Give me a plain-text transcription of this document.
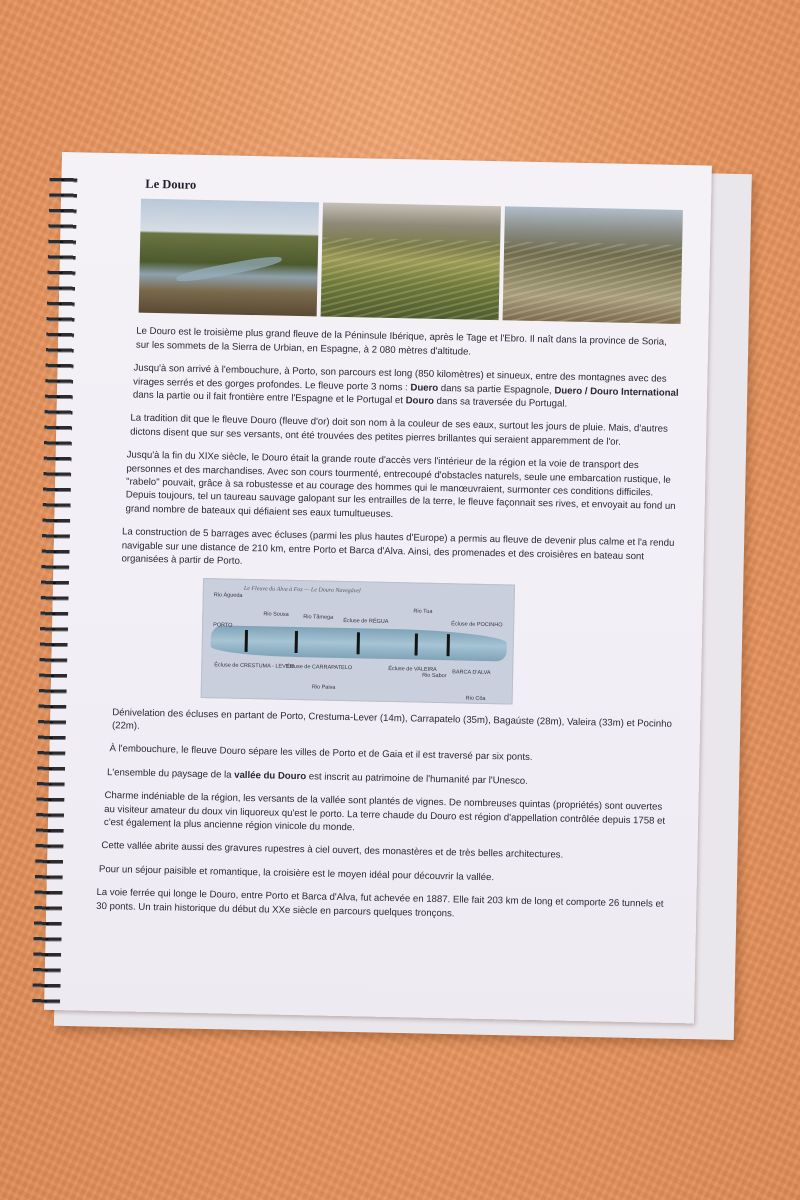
Le Douro

Le Douro est le troisième plus grand fleuve de la Péninsule Ibérique, après le Tage et l'Ebro. Il naît dans la province de Soria, sur les sommets de la Sierra de Urbian, en Espagne, à 2 080 mètres d'altitude.

Jusqu'à son arrivé à l'embouchure, à Porto, son parcours est long (850 kilomètres) et sinueux, entre des montagnes avec des virages serrés et des gorges profondes. Le fleuve porte 3 noms : Duero dans sa partie Espagnole, Duero / Douro International dans la partie ou il fait frontière entre l'Espagne et le Portugal et Douro dans sa traversée du Portugal.

La tradition dit que le fleuve Douro (fleuve d'or) doit son nom à la couleur de ses eaux, surtout les jours de pluie. Mais, d'autres dictons disent que sur ses versants, ont été trouvées des petites pierres brillantes qui seraient apparemment de l'or.

Jusqu'à la fin du XIXe siècle, le Douro était la grande route d'accès vers l'intérieur de la région et la voie de transport des personnes et des marchandises. Avec son cours tourmenté, entrecoupé d'obstacles naturels, seule une embarcation rustique, le "rabelo" pouvait, grâce à sa robustesse et au courage des hommes qui le manœuvraient, surmonter ces conditions difficiles. Depuis toujours, tel un taureau sauvage galopant sur les entrailles de la terre, le fleuve façonnait ses rives, et envoyait au fond un grand nombre de bateaux qui défiaient ses eaux tumultueuses.

La construction de 5 barrages avec écluses (parmi les plus hautes d'Europe) a permis au fleuve de devenir plus calme et l'a rendu navigable sur une distance de 210 km, entre Porto et Barca d'Alva. Ainsi, des promenades et des croisières en bateau sont organisées à partir de Porto.

Le Fleuve du Alva à Foz — Le Douro Navegável
PORTO
Écluse de RÉGUA	Écluse de POCINHO
Écluse de CRESTUMA - LEVER
Écluse de CARRAPATELO	Écluse de VALEIRA	BARCA D'ALVA
Rio Sousa	Rio Tâmega
Rio Paiva
Rio Tua
Rio Sabor
Rio Côa
Rio Águeda

Dénivelation des écluses en partant de Porto, Crestuma-Lever (14m), Carrapatelo (35m), Bagaúste (28m), Valeira (33m) et Pocinho (22m).

À l'embouchure, le fleuve Douro sépare les villes de Porto et de Gaia et il est traversé par six ponts.

L'ensemble du paysage de la vallée du Douro est inscrit au patrimoine de l'humanité par l'Unesco.

Charme indéniable de la région, les versants de la vallée sont plantés de vignes. De nombreuses quintas (propriétés) sont ouvertes au visiteur amateur du doux vin liquoreux qu'est le porto. La terre chaude du Douro est région d'appellation contrôlée depuis 1758 et c'est également la plus ancienne région vinicole du monde.

Cette vallée abrite aussi des gravures rupestres à ciel ouvert, des monastères et de très belles architectures.

Pour un séjour paisible et romantique, la croisière est le moyen idéal pour découvrir la vallée.

La voie ferrée qui longe le Douro, entre Porto et Barca d'Alva, fut achevée en 1887. Elle fait 203 km de long et comporte 26 tunnels et 30 ponts. Un train historique du début du XXe siècle en parcours quelques tronçons.
